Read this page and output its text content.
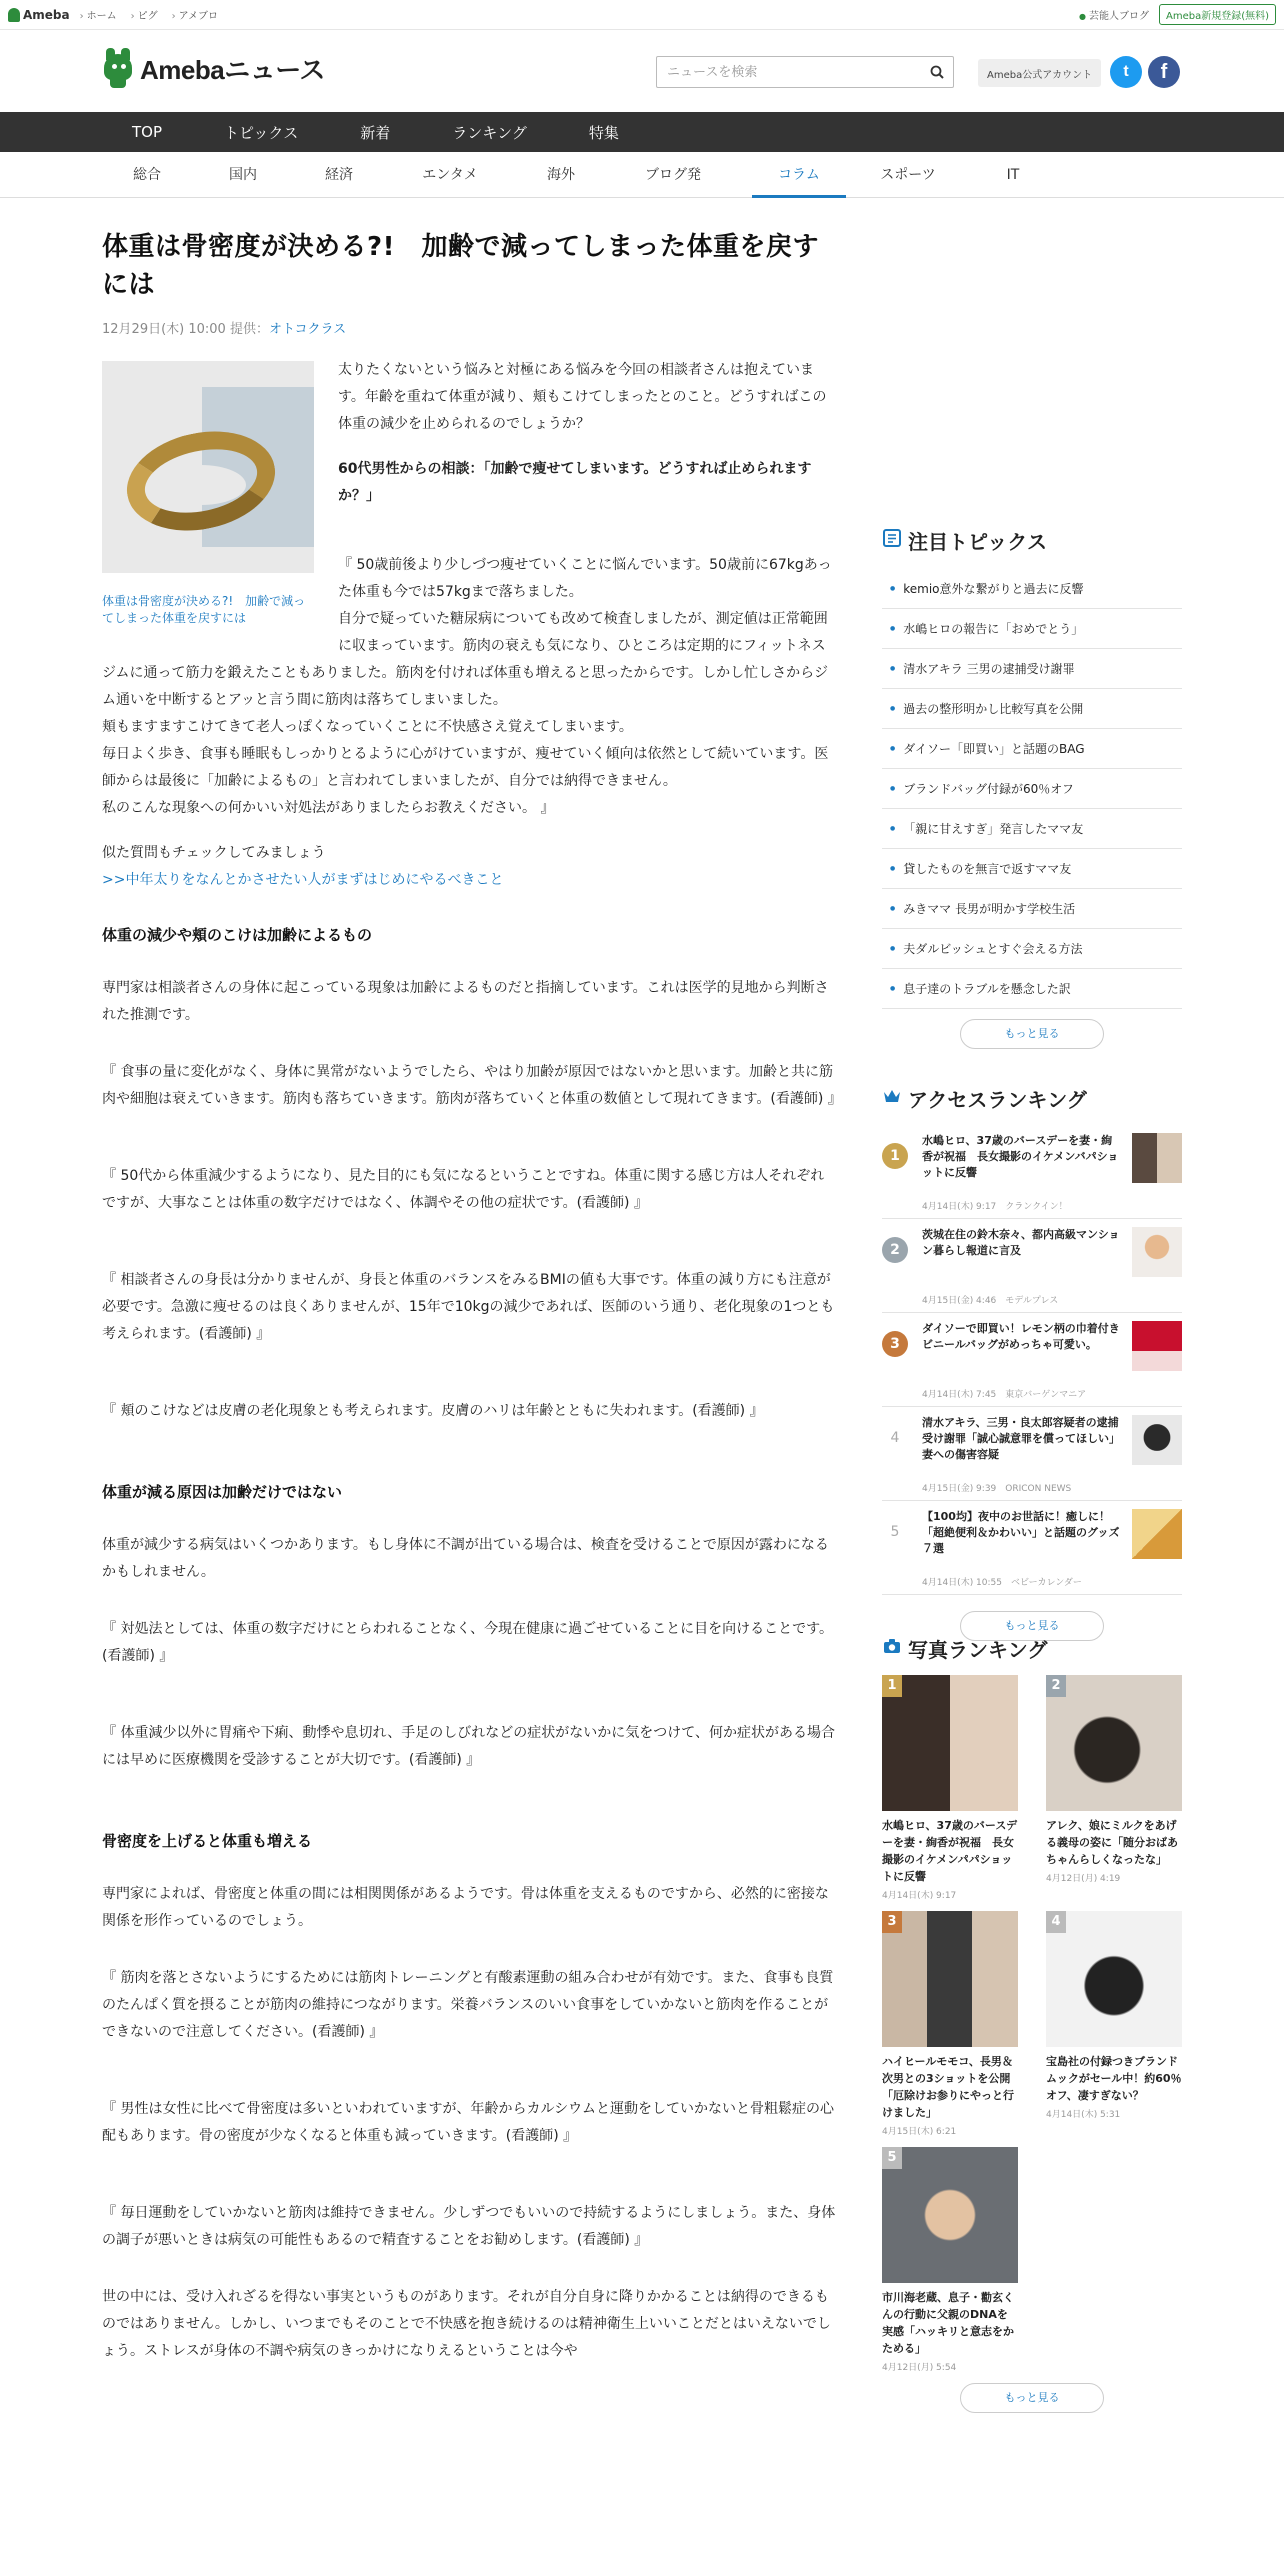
Ameba	› ホーム	› ピグ	› アメブロ	● 芸能人ブログ	Ameba新規登録(無料)
Amebaニュース
ニュースを検索	Ameba公式アカウント	t	f
TOP	トピックス	新着	ランキング	特集
総合	国内	経済	エンタメ	海外	ブログ発	コラム	スポーツ	IT
体重は骨密度が決める?!　加齢で減ってしまった体重を戻すには
12月29日(木) 10:00 提供：オトコクラス
体重は骨密度が決める?!　加齢で減ってしまった体重を戻すには

太りたくないという悩みと対極にある悩みを今回の相談者さんは抱えています。年齢を重ねて体重が減り、頬もこけてしまったとのこと。どうすればこの体重の減少を止められるのでしょうか？

60代男性からの相談：「加齢で痩せてしまいます。どうすれば止められますか？」

『 50歳前後より少しづつ痩せていくことに悩んでいます。50歳前に67kgあった体重も今では57kgまで落ちました。

自分で疑っていた糖尿病についても改めて検査しましたが、測定値は正常範囲に収まっています。筋肉の衰えも気になり、ひところは定期的にフィットネスジムに通って筋力を鍛えたこともありました。筋肉を付ければ体重も増えると思ったからです。しかし忙しさからジム通いを中断するとアッと言う間に筋肉は落ちてしまいました。

頬もますますこけてきて老人っぽくなっていくことに不快感さえ覚えてしまいます。

毎日よく歩き、食事も睡眠もしっかりとるように心がけていますが、痩せていく傾向は依然として続いています。医師からは最後に「加齢によるもの」と言われてしまいましたが、自分では納得できません。

私のこんな現象への何かいい対処法がありましたらお教えください。 』

似た質問もチェックしてみましょう

>>中年太りをなんとかさせたい人がまずはじめにやるべきこと
体重の減少や頬のこけは加齢によるもの

専門家は相談者さんの身体に起こっている現象は加齢によるものだと指摘しています。これは医学的見地から判断された推測です。

『 食事の量に変化がなく、身体に異常がないようでしたら、やはり加齢が原因ではないかと思います。加齢と共に筋肉や細胞は衰えていきます。筋肉も落ちていきます。筋肉が落ちていくと体重の数値として現れてきます。(看護師) 』

『 50代から体重減少するようになり、見た目的にも気になるということですね。体重に関する感じ方は人それぞれですが、大事なことは体重の数字だけではなく、体調やその他の症状です。(看護師) 』

『 相談者さんの身長は分かりませんが、身長と体重のバランスをみるBMIの値も大事です。体重の減り方にも注意が必要です。急激に痩せるのは良くありませんが、15年で10kgの減少であれば、医師のいう通り、老化現象の1つとも考えられます。(看護師) 』

『 頬のこけなどは皮膚の老化現象とも考えられます。皮膚のハリは年齢とともに失われます。(看護師) 』

体重が減る原因は加齢だけではない

体重が減少する病気はいくつかあります。もし身体に不調が出ている場合は、検査を受けることで原因が露わになるかもしれません。

『 対処法としては、体重の数字だけにとらわれることなく、今現在健康に過ごせていることに目を向けることです。(看護師) 』

『 体重減少以外に胃痛や下痢、動悸や息切れ、手足のしびれなどの症状がないかに気をつけて、何か症状がある場合には早めに医療機関を受診することが大切です。(看護師) 』

骨密度を上げると体重も増える

専門家によれば、骨密度と体重の間には相関関係があるようです。骨は体重を支えるものですから、必然的に密接な関係を形作っているのでしょう。

『 筋肉を落とさないようにするためには筋肉トレーニングと有酸素運動の組み合わせが有効です。また、食事も良質のたんぱく質を摂ることが筋肉の維持につながります。栄養バランスのいい食事をしていかないと筋肉を作ることができないので注意してください。(看護師) 』

『 男性は女性に比べて骨密度は多いといわれていますが、年齢からカルシウムと運動をしていかないと骨粗鬆症の心配もあります。骨の密度が少なくなると体重も減っていきます。(看護師) 』

『 毎日運動をしていかないと筋肉は維持できません。少しずつでもいいので持続するようにしましょう。また、身体の調子が悪いときは病気の可能性もあるので精査することをお勧めします。(看護師) 』

世の中には、受け入れざるを得ない事実というものがあります。それが自分自身に降りかかることは納得のできるものではありません。しかし、いつまでもそのことで不快感を抱き続けるのは精神衛生上いいことだとはいえないでしょう。ストレスが身体の不調や病気のきっかけになりえるということは今や

注目トピックス
● kemio意外な繋がりと過去に反響
● 水嶋ヒロの報告に「おめでとう」
● 清水アキラ 三男の逮捕受け謝罪
● 過去の整形明かし比較写真を公開
● ダイソー「即買い」と話題のBAG
● ブランドバッグ付録が60％オフ
● 「親に甘えすぎ」発言したママ友
● 貸したものを無言で返すママ友
● みきママ 長男が明かす学校生活
● 夫ダルビッシュとすぐ会える方法
● 息子達のトラブルを懸念した訳
もっと見る
アクセスランキング
1
水嶋ヒロ、37歳のバースデーを妻・絢香が祝福　長女撮影のイケメンバパショットに反響
4月14日(木) 9:17　クランクイン！
2
茨城在住の鈴木奈々、都内高級マンション暮らし報道に言及
4月15日(金) 4:46　モデルプレス
3
ダイソーで即買い！レモン柄の巾着付きビニールバッグがめっちゃ可愛い。
4月14日(木) 7:45　東京バーゲンマニア
4
清水アキラ、三男・良太郎容疑者の逮捕受け謝罪「誠心誠意罪を償ってほしい」　妻への傷害容疑
4月15日(金) 9:39　ORICON NEWS
5
【100均】夜中のお世話に！癒しに！「超絶便利＆かわいい」と話題のグッズ７選
4月14日(木) 10:55　ベビーカレンダー
もっと見る
写真ランキング
1
水嶋ヒロ、37歳のバースデーを妻・絢香が祝福　長女撮影のイケメンパパショットに反響
4月14日(木) 9:17
2
アレク、娘にミルクをあげる義母の姿に「随分おばあちゃんらしくなったな」
4月12日(月) 4:19
3
ハイヒールモモコ、長男＆次男との3ショットを公開「厄除けお参りにやっと行けました」
4月15日(木) 6:21
4
宝島社の付録つきブランドムックがセール中！約60％オフ、凄すぎない？
4月14日(木) 5:31
5
市川海老蔵、息子・勸玄くんの行動に父親のDNAを実感「ハッキリと意志をかためる」
4月12日(月) 5:54
もっと見る
